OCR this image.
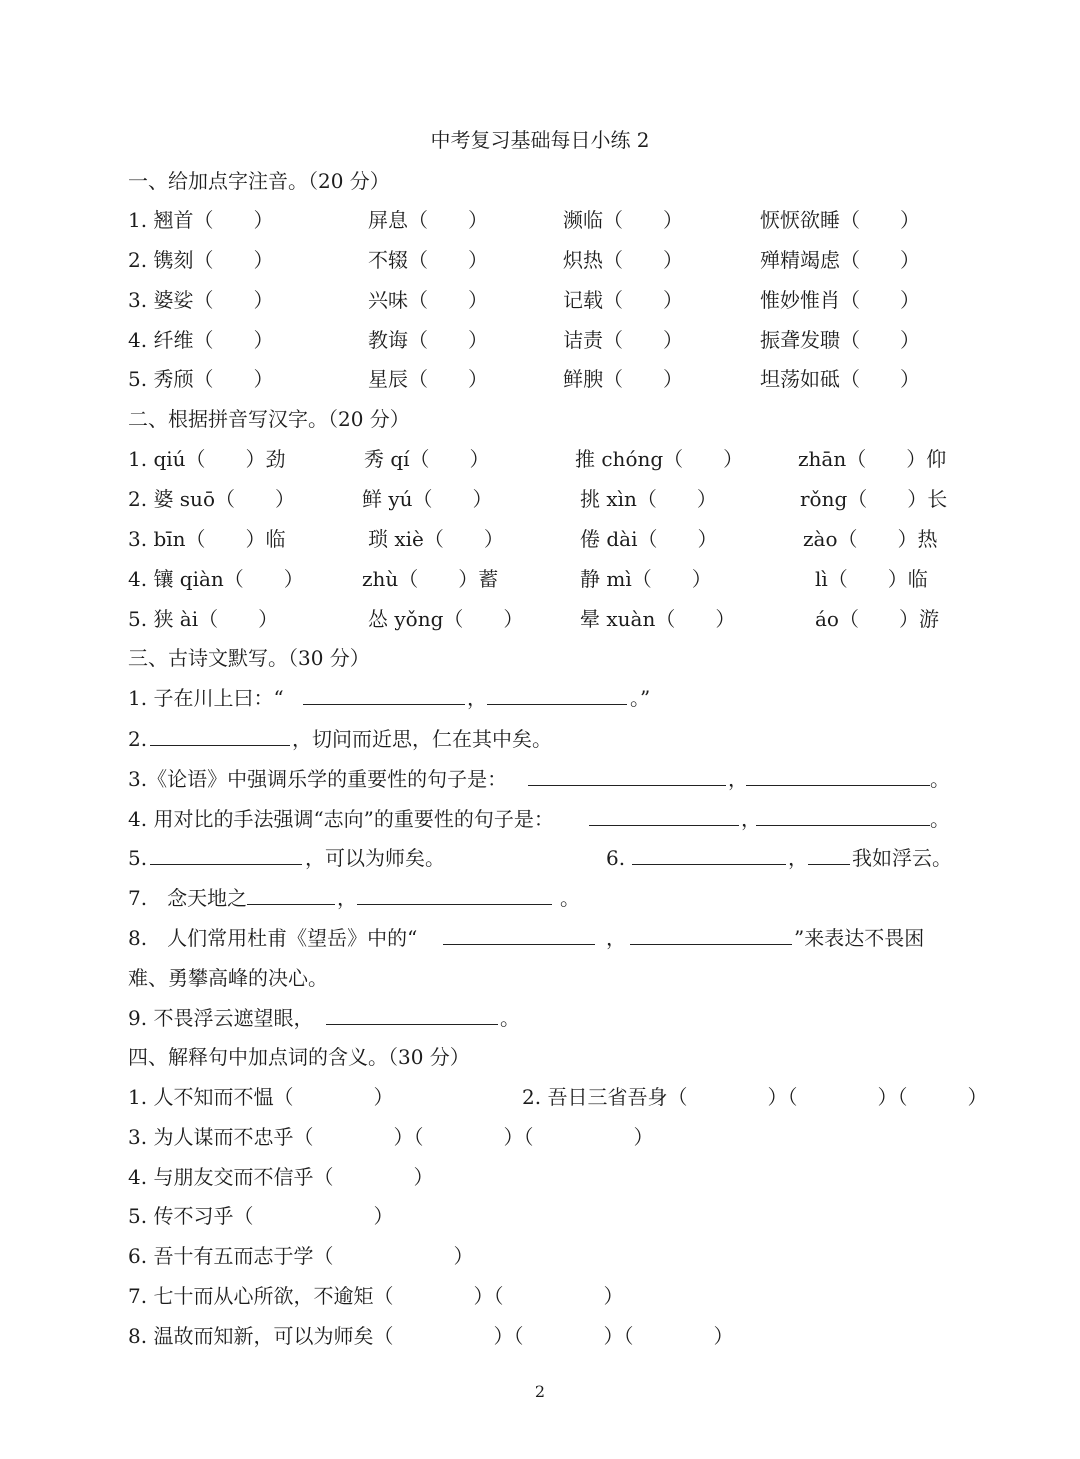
中考复习基础每日小练 2
一、给加点字注音。（20 分）
1. 翘首（　　）	屏息（　　）	濒临（　　）	恹恹欲睡（　　）
2. 镌刻（　　）	不辍（　　）	炽热（　　）	殚精竭虑（　　）
3. 婆娑（　　）	兴味（　　）	记载（　　）	惟妙惟肖（　　）
4. 纤维（　　）	教诲（　　）	诘责（　　）	振聋发聩（　　）
5. 秀颀（　　）	星辰（　　）	鲜腴（　　）	坦荡如砥（　　）
二、根据拼音写汉字。（20 分）
1. qiú（　　）劲	秀 qí（　　）	推 chóng（　　）	zhān（　　）仰
2. 婆 suō（　　）	鲜 yú（　　）	挑 xìn（　　）	rǒng（　　）长
3. bīn（　　）临	琐 xiè（　　）	倦 dài（　　）	zào（　　）热
4. 镶 qiàn（　　）	zhù（　　）蓄	静 mì（　　）	lì（　　）临
5. 狭 ài（　　）	怂 yǒng（　　）	晕 xuàn（　　）	áo（　　）游
三、古诗文默写。（30 分）
1. 子在川上曰：“	，	。”
2.	，切问而近思，仁在其中矣。
3.《论语》中强调乐学的重要性的句子是：	，	。
4. 用对比的手法强调“志向”的重要性的句子是：	，	。
5.	，可以为师矣。	6.	， 我如浮云。
7.　念天地之	，	。
8.　人们常用杜甫《望岳》中的“	，	”来表达不畏困
难、勇攀高峰的决心。
9. 不畏浮云遮望眼，	。
四、解释句中加点词的含义。（30 分）
1. 人不知而不愠（　　　　）	2. 吾日三省吾身（　　　　）（　　　　）（　　　）
3. 为人谋而不忠乎（　　　　）（　　　　）（　　　　　）
4. 与朋友交而不信乎（　　　　）
5. 传不习乎（　　　　　　）
6. 吾十有五而志于学（　　　　　　）
7. 七十而从心所欲，不逾矩（　　　　）（　　　　　）
8. 温故而知新，可以为师矣（　　　　　）（　　　　）（　　　　）
2
